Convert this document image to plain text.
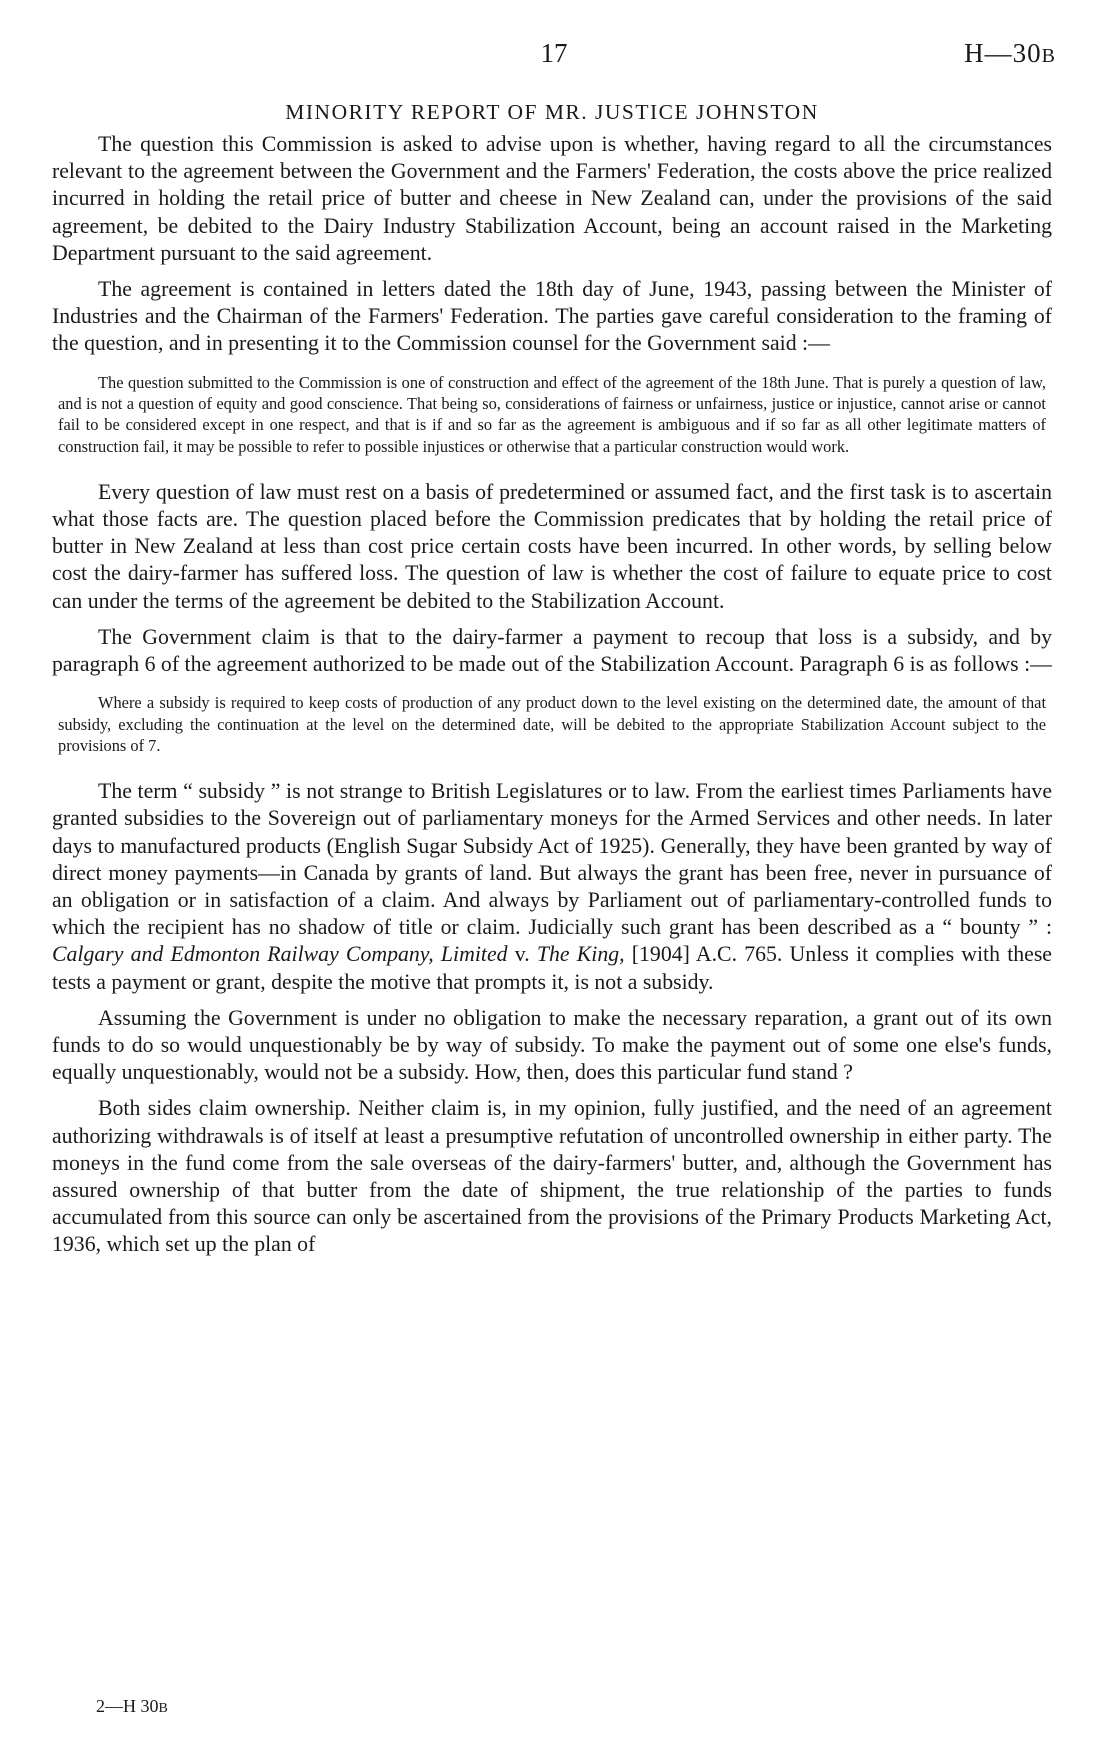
17	H—30B
MINORITY REPORT OF MR. JUSTICE JOHNSTON

The question this Commission is asked to advise upon is whether, having regard to all the circumstances relevant to the agreement between the Government and the Farmers' Federation, the costs above the price realized incurred in holding the retail price of butter and cheese in New Zealand can, under the provisions of the said agreement, be debited to the Dairy Industry Stabilization Account, being an account raised in the Marketing Department pursuant to the said agreement.

The agreement is contained in letters dated the 18th day of June, 1943, passing between the Minister of Industries and the Chairman of the Farmers' Federation. The parties gave careful consideration to the framing of the question, and in presenting it to the Commission counsel for the Government said :—

The question submitted to the Commission is one of construction and effect of the agreement of the 18th June. That is purely a question of law, and is not a question of equity and good conscience. That being so, considerations of fairness or unfairness, justice or injustice, cannot arise or cannot fail to be considered except in one respect, and that is if and so far as the agreement is ambiguous and if so far as all other legitimate matters of construction fail, it may be possible to refer to possible injustices or otherwise that a particular construction would work.

Every question of law must rest on a basis of predetermined or assumed fact, and the first task is to ascertain what those facts are. The question placed before the Commission predicates that by holding the retail price of butter in New Zealand at less than cost price certain costs have been incurred. In other words, by selling below cost the dairy-farmer has suffered loss. The question of law is whether the cost of failure to equate price to cost can under the terms of the agreement be debited to the Stabilization Account.

The Government claim is that to the dairy-farmer a payment to recoup that loss is a subsidy, and by paragraph 6 of the agreement authorized to be made out of the Stabilization Account. Paragraph 6 is as follows :—

Where a subsidy is required to keep costs of production of any product down to the level existing on the determined date, the amount of that subsidy, excluding the continuation at the level on the determined date, will be debited to the appropriate Stabilization Account subject to the provisions of 7.

The term “ subsidy ” is not strange to British Legislatures or to law. From the earliest times Parliaments have granted subsidies to the Sovereign out of parliamentary moneys for the Armed Services and other needs. In later days to manufactured products (English Sugar Subsidy Act of 1925). Generally, they have been granted by way of direct money payments—in Canada by grants of land. But always the grant has been free, never in pursuance of an obligation or in satisfaction of a claim. And always by Parliament out of parliamentary-controlled funds to which the recipient has no shadow of title or claim. Judicially such grant has been described as a “ bounty ” : Calgary and Edmonton Railway Company, Limited v. The King, [1904] A.C. 765. Unless it complies with these tests a payment or grant, despite the motive that prompts it, is not a subsidy.

Assuming the Government is under no obligation to make the necessary reparation, a grant out of its own funds to do so would unquestionably be by way of subsidy. To make the payment out of some one else's funds, equally unquestionably, would not be a subsidy. How, then, does this particular fund stand ?

Both sides claim ownership. Neither claim is, in my opinion, fully justified, and the need of an agreement authorizing withdrawals is of itself at least a presumptive refutation of uncontrolled ownership in either party. The moneys in the fund come from the sale overseas of the dairy-farmers' butter, and, although the Government has assured ownership of that butter from the date of shipment, the true relationship of the parties to funds accumulated from this source can only be ascertained from the provisions of the Primary Products Marketing Act, 1936, which set up the plan of

2—H 30B
